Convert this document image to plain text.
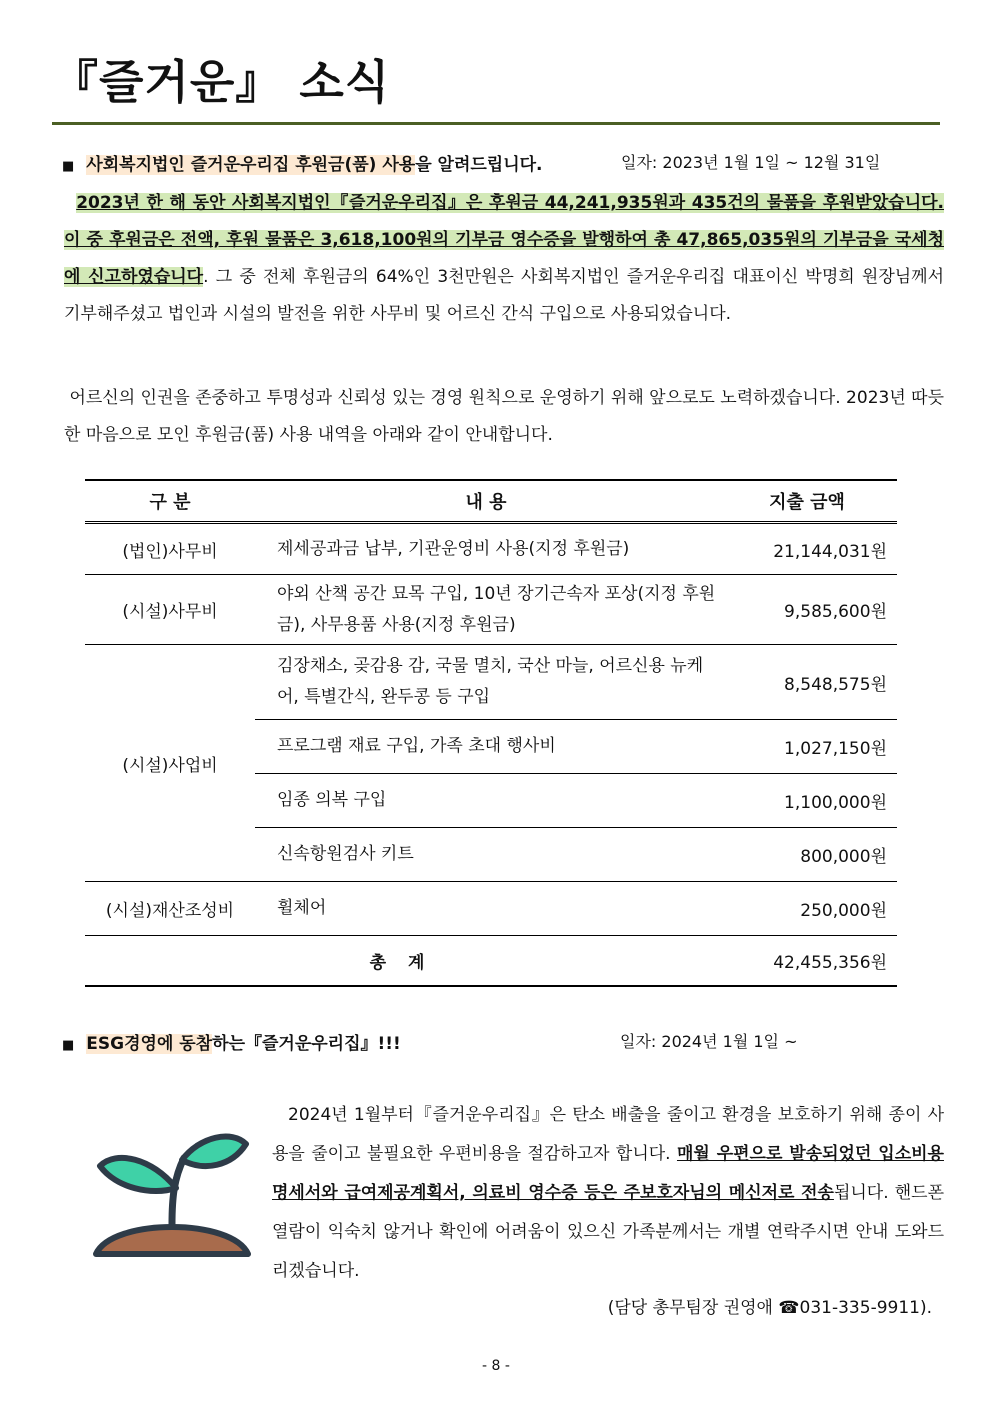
『즐거운』 소식
■ 사회복지법인 즐거운우리집 후원금(품) 사용을 알려드립니다.	일자: 2023년 1월 1일 ~ 12월 31일

2023년 한 해 동안 사회복지법인『즐거운우리집』은 후원금 44,241,935원과 435건의 물품을 후원받았습니다. 이 중 후원금은 전액, 후원 물품은 3,618,100원의 기부금 영수증을 발행하여 총 47,865,035원의 기부금을 국세청에 신고하였습니다. 그 중 전체 후원금의 64%인 3천만원은 사회복지법인 즐거운우리집 대표이신 박명희 원장님께서 기부해주셨고 법인과 시설의 발전을 위한 사무비 및 어르신 간식 구입으로 사용되었습니다.

어르신의 인권을 존중하고 투명성과 신뢰성 있는 경영 원칙으로 운영하기 위해 앞으로도 노력하겠습니다. 2023년 따듯한 마음으로 모인 후원금(품) 사용 내역을 아래와 같이 안내합니다.

구 분	내 용	지출 금액
(법인)사무비	제세공과금 납부, 기관운영비 사용(지정 후원금)	21,144,031원
(시설)사무비	야외 산책 공간 묘목 구입, 10년 장기근속자 포상(지정 후원금), 사무용품 사용(지정 후원금)	9,585,600원
(시설)사업비	김장채소, 곶감용 감, 국물 멸치, 국산 마늘, 어르신용 뉴케어, 특별간식, 완두콩 등 구입	8,548,575원
	프로그램 재료 구입, 가족 초대 행사비	1,027,150원
	임종 의복 구입	1,100,000원
	신속항원검사 키트	800,000원
(시설)재산조성비	휠체어	250,000원
총 계		42,455,356원
■ ESG경영에 동참하는『즐거운우리집』!!!	일자: 2024년 1월 1일 ~

2024년 1월부터『즐거운우리집』은 탄소 배출을 줄이고 환경을 보호하기 위해 종이 사용을 줄이고 불필요한 우편비용을 절감하고자 합니다. 매월 우편으로 발송되었던 입소비용 명세서와 급여제공계획서, 의료비 영수증 등은 주보호자님의 메신저로 전송됩니다. 핸드폰 열람이 익숙치 않거나 확인에 어려움이 있으신 가족분께서는 개별 연락주시면 안내 도와드리겠습니다.

(담당 총무팀장 권영애 ☎031-335-9911).
- 8 -
